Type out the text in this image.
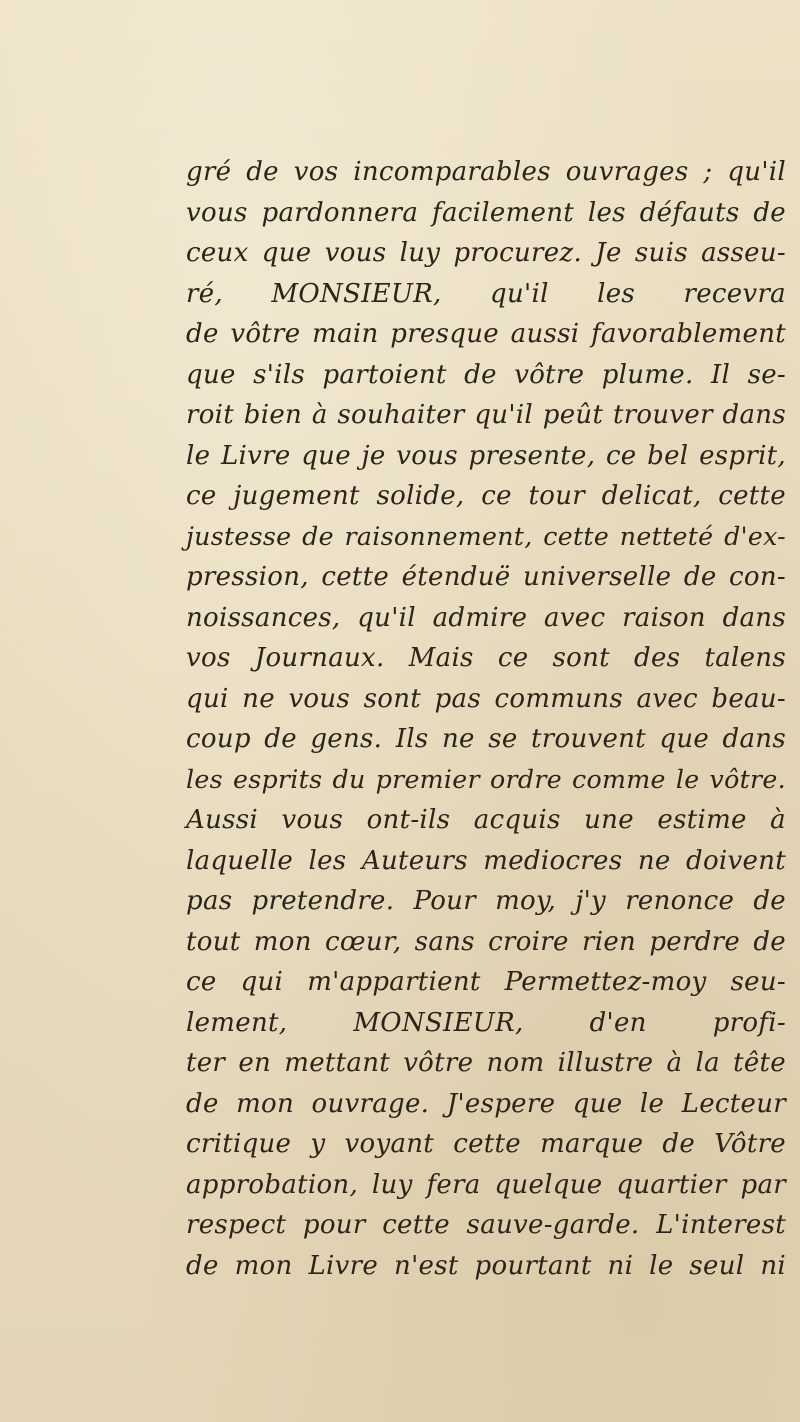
gré de vos incomparables ouvrages ; qu'il
vous pardonnera facilement les défauts de
ceux que vous luy procurez. Je suis asseu-
ré, MONSIEUR, qu'il les recevra
de vôtre main presque aussi favorablement
que s'ils partoient de vôtre plume. Il se-
roit bien à souhaiter qu'il peût trouver dans
le Livre que je vous presente, ce bel esprit,
ce jugement solide, ce tour delicat, cette
justesse de raisonnement, cette netteté d'ex-
pression, cette étenduë universelle de con-
noissances, qu'il admire avec raison dans
vos Journaux. Mais ce sont des talens
qui ne vous sont pas communs avec beau-
coup de gens. Ils ne se trouvent que dans
les esprits du premier ordre comme le vôtre.
Aussi vous ont-ils acquis une estime à
laquelle les Auteurs mediocres ne doivent
pas pretendre. Pour moy, j'y renonce de
tout mon cœur, sans croire rien perdre de
ce qui m'appartient Permettez-moy seu-
lement, MONSIEUR, d'en profi-
ter en mettant vôtre nom illustre à la tête
de mon ouvrage. J'espere que le Lecteur
critique y voyant cette marque de Vôtre
approbation, luy fera quelque quartier par
respect pour cette sauve-garde. L'interest
de mon Livre n'est pourtant ni le seul ni
